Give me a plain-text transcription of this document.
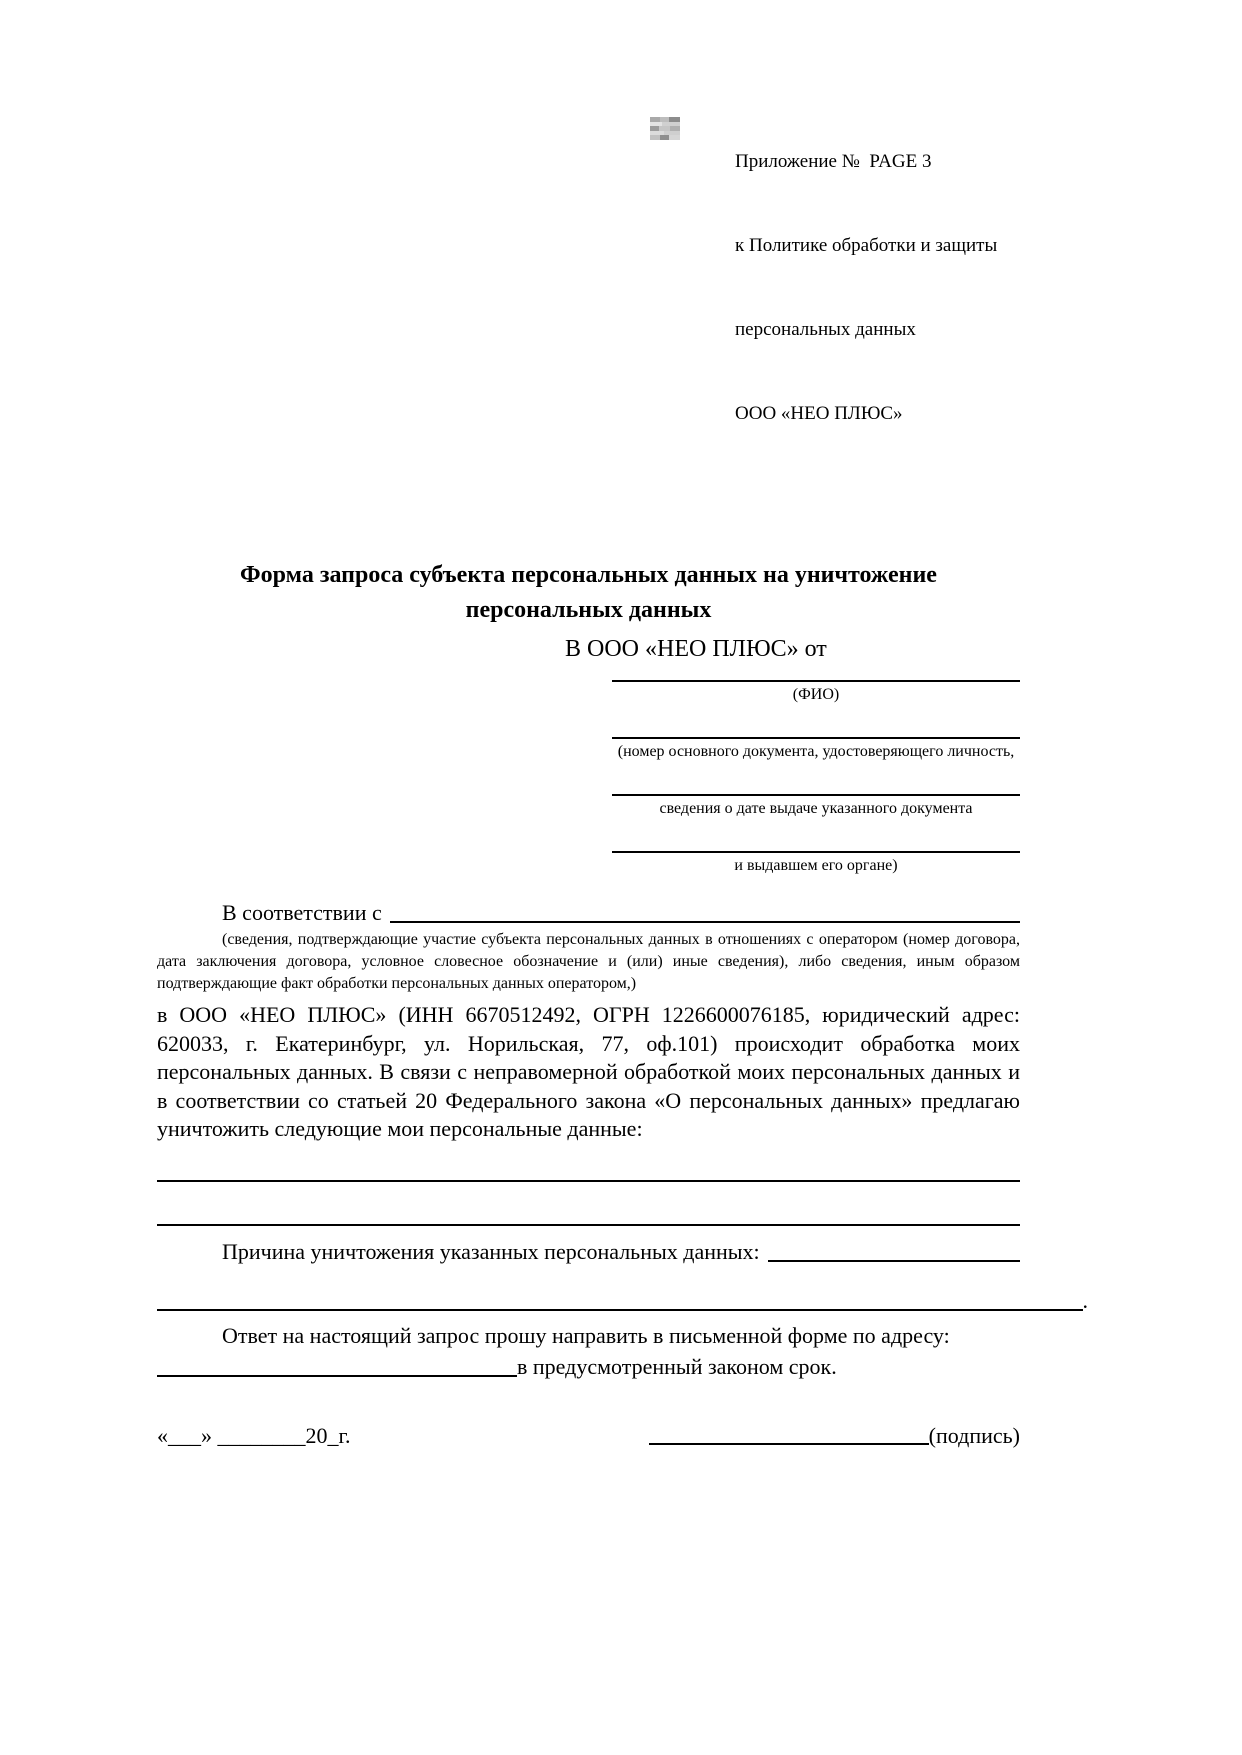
Приложение №  PAGE 3

к Политике обработки и защиты

персональных данных

ООО «НЕО ПЛЮС»

Форма запроса субъекта персональных данных на уничтожение
персональных данных
В ООО «НЕО ПЛЮС» от
(ФИО)
(номер основного документа, удостоверяющего личность,
сведения о дате выдаче указанного документа
и выдавшем его органе)
В соответствии с
(сведения, подтверждающие участие субъекта персональных данных в отношениях с оператором (номер договора, дата заключения договора, условное словесное обозначение и (или) иные сведения), либо сведения, иным образом подтверждающие факт обработки персональных данных оператором,)
в ООО «НЕО ПЛЮС» (ИНН 6670512492, ОГРН 1226600076185, юридический адрес: 620033, г. Екатеринбург, ул. Норильская, 77, оф.101) происходит обработка моих персональных данных. В связи с неправомерной обработкой моих персональных данных и в соответствии со статьей 20 Федерального закона «О персональных данных» предлагаю уничтожить следующие мои персональные данные:
Причина уничтожения указанных персональных данных:
.
Ответ на настоящий запрос прошу направить в письменной форме по адресу:
в предусмотренный законом срок.
«___» ________20_г.	(подпись)
